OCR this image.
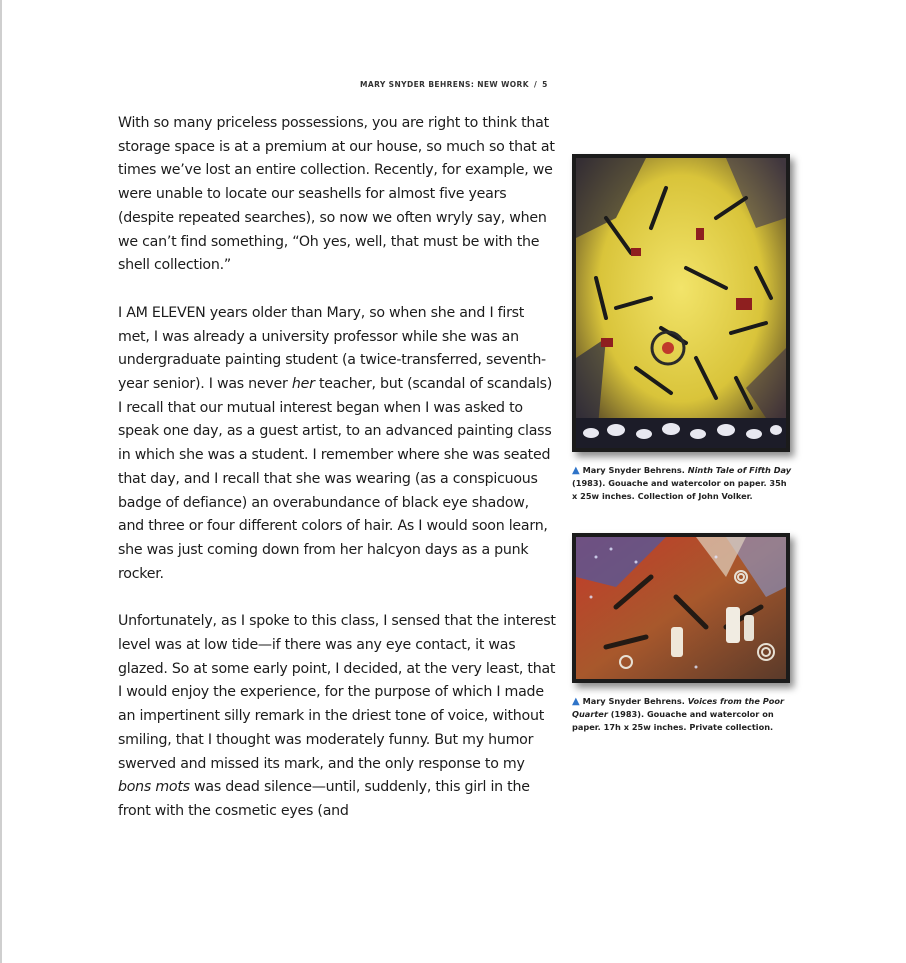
MARY SNYDER BEHRENS: NEW WORK / 5

With so many priceless possessions, you are right to think that storage space is at a premium at our house, so much so that at times we’ve lost an entire collection. Recently, for example, we were unable to locate our seashells for almost five years (despite repeated searches), so now we often wryly say, when we can’t find something, “Oh yes, well, that must be with the shell collection.”

I AM ELEVEN years older than Mary, so when she and I first met, I was already a university professor while she was an undergraduate painting student (a twice-transferred, seventh-year senior). I was never her teacher, but (scandal of scandals) I recall that our mutual interest began when I was asked to speak one day, as a guest artist, to an advanced painting class in which she was a student. I remember where she was seated that day, and I recall that she was wearing (as a conspicuous badge of defiance) an overabundance of black eye shadow, and three or four different colors of hair. As I would soon learn, she was just coming down from her halcyon days as a punk rocker.

Unfortunately, as I spoke to this class, I sensed that the interest level was at low tide—if there was any eye contact, it was glazed. So at some early point, I decided, at the very least, that I would enjoy the experience, for the purpose of which I made an impertinent silly remark in the driest tone of voice, without smiling, that I thought was moderately funny. But my humor swerved and missed its mark, and the only response to my bons mots was dead silence—until, suddenly, this girl in the front with the cosmetic eyes (and

▲ Mary Snyder Behrens. Ninth Tale of Fifth Day (1983). Gouache and watercolor on paper. 35h x 25w inches. Collection of John Volker.
▲ Mary Snyder Behrens. Voices from the Poor Quarter (1983). Gouache and watercolor on paper. 17h x 25w inches. Private collection.
